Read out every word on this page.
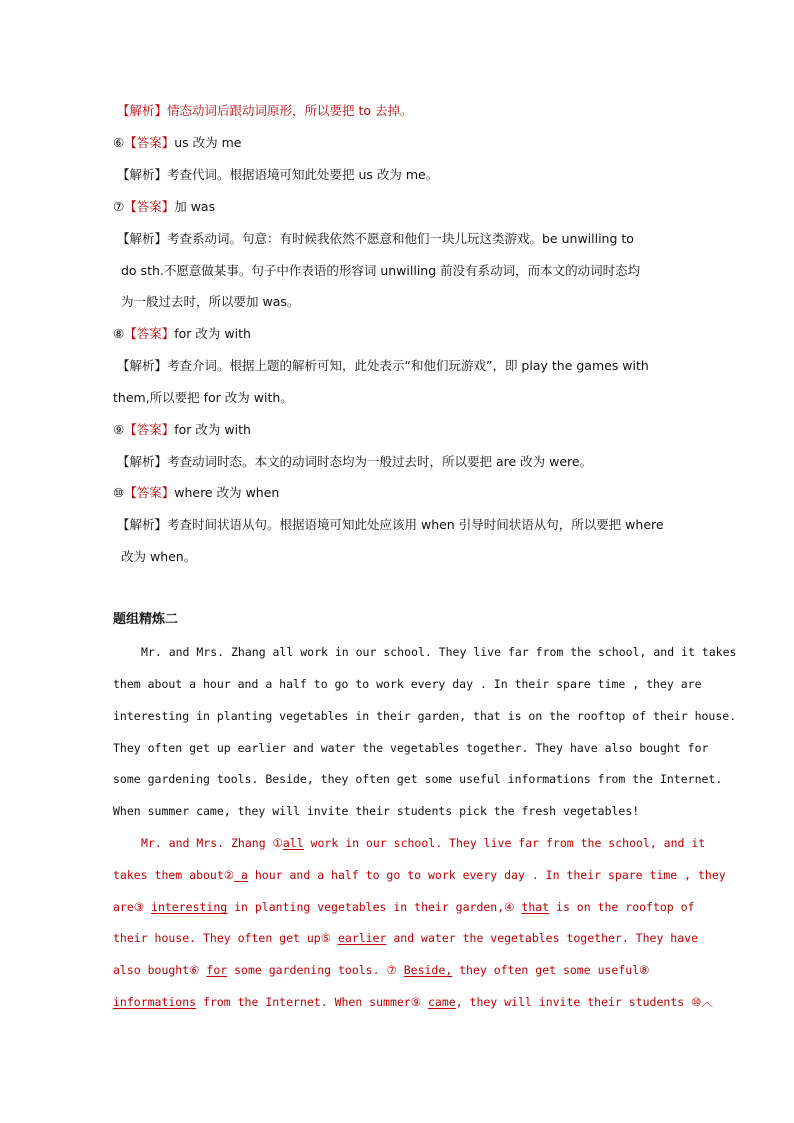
【解析】情态动词后跟动词原形，所以要把 to 去掉。
⑥【答案】us 改为 me
【解析】考查代词。根据语境可知此处要把 us 改为 me。
⑦【答案】加 was
【解析】考查系动词。句意：有时候我依然不愿意和他们一块儿玩这类游戏。be unwilling to
do sth.不愿意做某事。句子中作表语的形容词 unwilling 前没有系动词，而本文的动词时态均
为一般过去时，所以要加 was。
⑧【答案】for 改为 with
【解析】考查介词。根据上题的解析可知，此处表示“和他们玩游戏”，即 play the games with
them,所以要把 for 改为 with。
⑨【答案】for 改为 with
【解析】考查动词时态。本文的动词时态均为一般过去时，所以要把 are 改为 were。
⑩【答案】where 改为 when
【解析】考查时间状语从句。根据语境可知此处应该用 when 引导时间状语从句，所以要把 where
改为 when。
题组精炼二
Mr. and Mrs. Zhang all work in our school. They live far from the school, and it takes
them about a hour and a half to go to work every day . In their spare time , they are
interesting in planting vegetables in their garden, that is on the rooftop of their house.
They often get up earlier and water the vegetables together. They have also bought for
some gardening tools. Beside, they often get some useful informations from the Internet.
When summer came, they will invite their students pick the fresh vegetables!
Mr. and Mrs. Zhang ①all work in our school. They live far from the school, and it
takes them about② a hour and a half to go to work every day . In their spare time , they
are③ interesting in planting vegetables in their garden,④ that is on the rooftop of
their house. They often get up⑤ earlier and water the vegetables together. They have
also bought⑥ for some gardening tools. ⑦ Beside, they often get some useful⑧
informations from the Internet. When summer⑨ came, they will invite their students ⑩︿
